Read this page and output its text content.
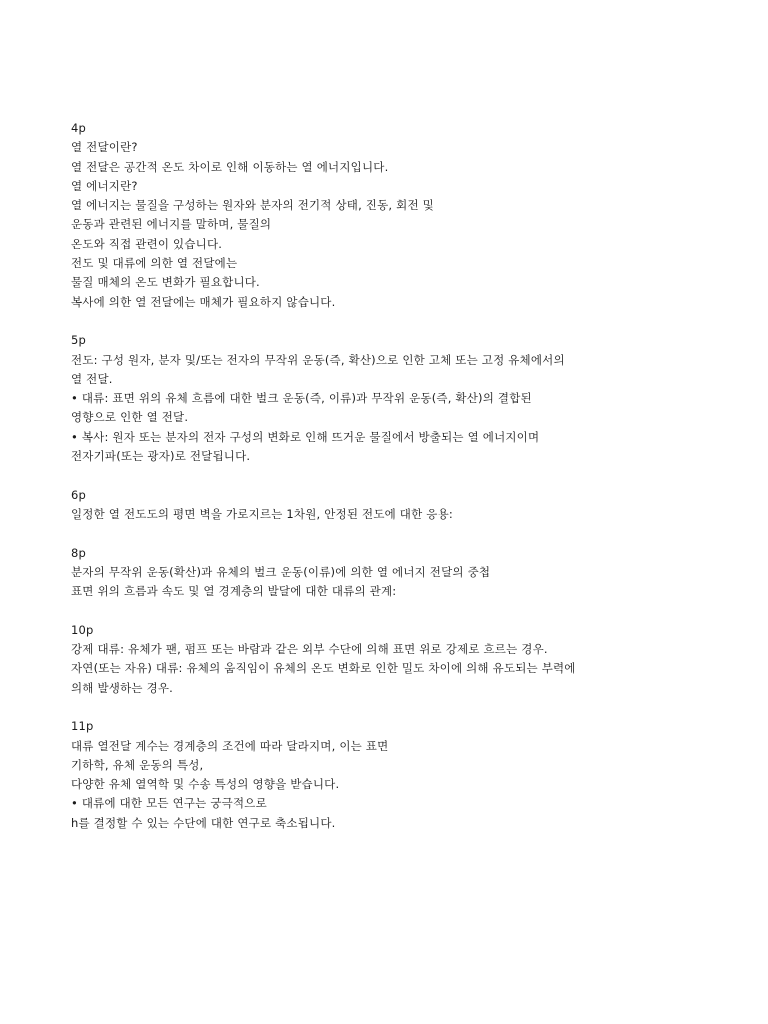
4p
열 전달이란?
열 전달은 공간적 온도 차이로 인해 이동하는 열 에너지입니다.
열 에너지란?
열 에너지는 물질을 구성하는 원자와 분자의 전기적 상태, 진동, 회전 및
운동과 관련된 에너지를 말하며, 물질의
온도와 직접 관련이 있습니다.
전도 및 대류에 의한 열 전달에는
물질 매체의 온도 변화가 필요합니다.
복사에 의한 열 전달에는 매체가 필요하지 않습니다.
5p
전도: 구성 원자, 분자 및/또는 전자의 무작위 운동(즉, 확산)으로 인한 고체 또는 고정 유체에서의
열 전달.
• 대류: 표면 위의 유체 흐름에 대한 벌크 운동(즉, 이류)과 무작위 운동(즉, 확산)의 결합된
영향으로 인한 열 전달.
• 복사: 원자 또는 분자의 전자 구성의 변화로 인해 뜨거운 물질에서 방출되는 열 에너지이며
전자기파(또는 광자)로 전달됩니다.
6p
일정한 열 전도도의 평면 벽을 가로지르는 1차원, 안정된 전도에 대한 응용:
8p
분자의 무작위 운동(확산)과 유체의 벌크 운동(이류)에 의한 열 에너지 전달의 중첩
표면 위의 흐름과 속도 및 열 경계층의 발달에 대한 대류의 관계:
10p
강제 대류: 유체가 팬, 펌프 또는 바람과 같은 외부 수단에 의해 표면 위로 강제로 흐르는 경우.
자연(또는 자유) 대류: 유체의 움직임이 유체의 온도 변화로 인한 밀도 차이에 의해 유도되는 부력에
의해 발생하는 경우.
11p
대류 열전달 계수는 경계층의 조건에 따라 달라지며, 이는 표면
기하학, 유체 운동의 특성,
다양한 유체 열역학 및 수송 특성의 영향을 받습니다.
• 대류에 대한 모든 연구는 궁극적으로
h를 결정할 수 있는 수단에 대한 연구로 축소됩니다.
